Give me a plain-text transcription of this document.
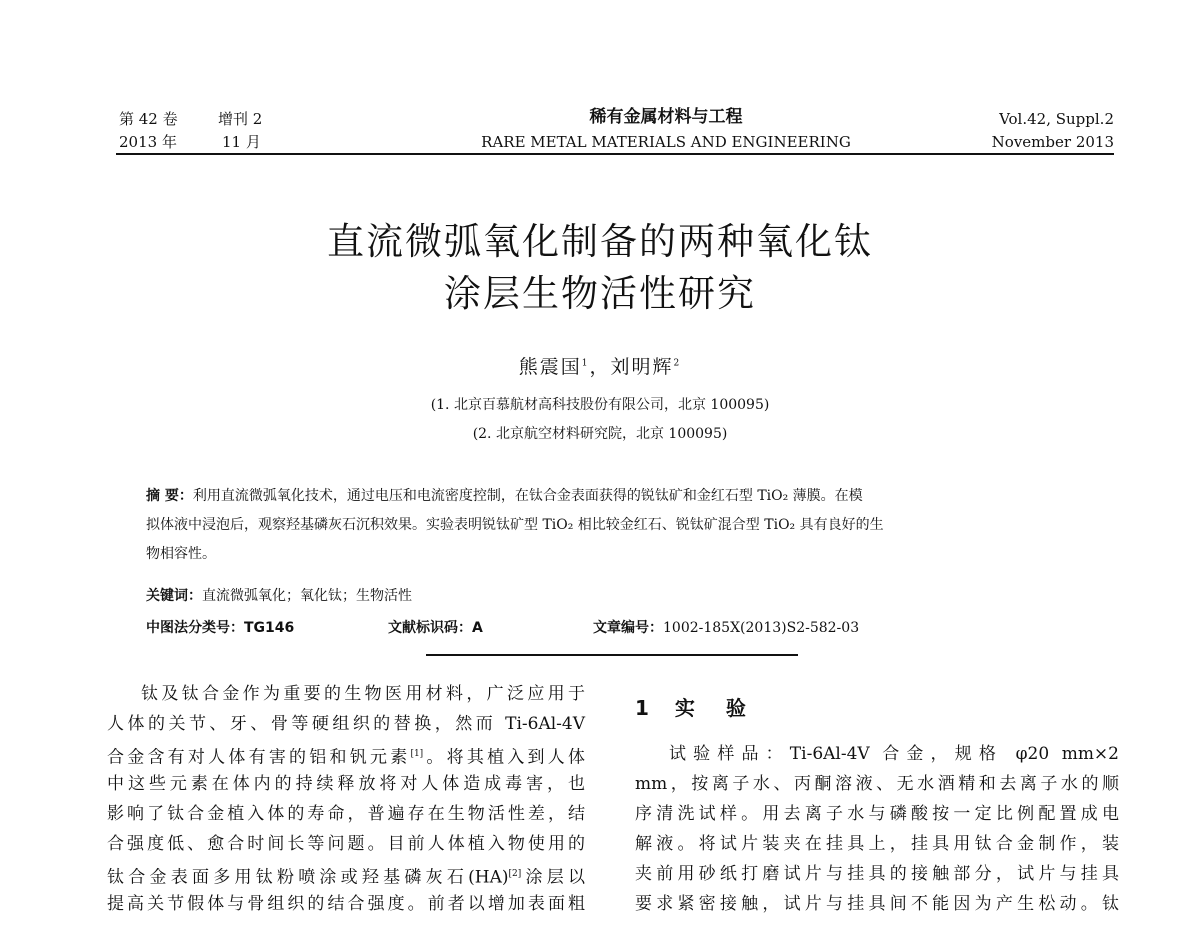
第 42 卷	增刊 2
2013 年	11 月
稀有金属材料与工程
RARE METAL MATERIALS AND ENGINEERING
Vol.42, Suppl.2
November 2013
直流微弧氧化制备的两种氧化钛
涂层生物活性研究
熊震国$^1$，刘明辉$^2$
(1. 北京百慕航材高科技股份有限公司，北京 100095)
(2. 北京航空材料研究院，北京 100095)
摘 要：利用直流微弧氧化技术，通过电压和电流密度控制，在钛合金表面获得的锐钛矿和金红石型 TiO₂ 薄膜。在模
拟体液中浸泡后，观察羟基磷灰石沉积效果。实验表明锐钛矿型 TiO₂ 相比较金红石、锐钛矿混合型 TiO₂ 具有良好的生
物相容性。
关键词：直流微弧氧化；氧化钛；生物活性
中图法分类号：TG146	文献标识码：A	文章编号：1002-185X(2013)S2-582-03
钛及钛合金作为重要的生物医用材料，广泛应用于
人体的关节、牙、骨等硬组织的替换，然而 Ti-6Al-4V
合金含有对人体有害的铝和钒元素[1]。将其植入到人体
中这些元素在体内的持续释放将对人体造成毒害，也
影响了钛合金植入体的寿命，普遍存在生物活性差，结
合强度低、愈合时间长等问题。目前人体植入物使用的
钛合金表面多用钛粉喷涂或羟基磷灰石(HA)[2]涂层以
提高关节假体与骨组织的结合强度。前者以增加表面粗
1 实 验
试验样品：Ti-6Al-4V 合金，规格 φ20 mm×2
mm，按离子水、丙酮溶液、无水酒精和去离子水的顺
序清洗试样。用去离子水与磷酸按一定比例配置成电
解液。将试片装夹在挂具上，挂具用钛合金制作，装
夹前用砂纸打磨试片与挂具的接触部分，试片与挂具
要求紧密接触，试片与挂具间不能因为产生松动。钛
